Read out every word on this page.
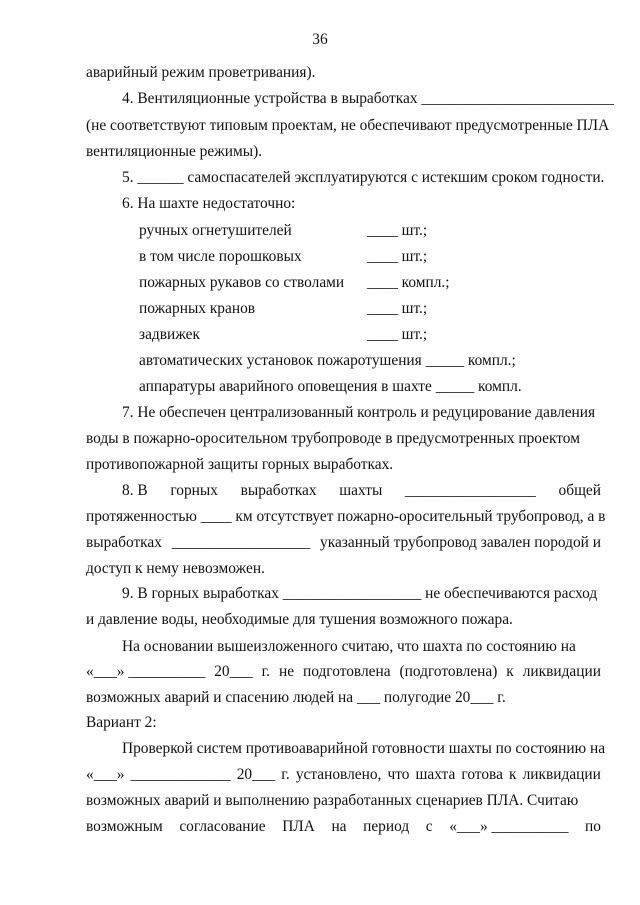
36
аварийный режим проветривания).
4. Вентиляционные устройства в выработках _________________________
(не соответствуют типовым проектам, не обеспечивают предусмотренные ПЛА
вентиляционные режимы).
5. ______ самоспасателей эксплуатируются с истекшим сроком годности.
6. На шахте недостаточно:
ручных огнетушителей	____ шт.;
в том числе порошковых	____ шт.;
пожарных рукавов со стволами ____ компл.;
пожарных кранов	____ шт.;
задвижек	____ шт.;
автоматических установок пожаротушения _____ компл.;
аппаратуры аварийного оповещения в шахте _____ компл.
7. Не обеспечен централизованный контроль и редуцирование давления
воды в пожарно-оросительном трубопроводе в предусмотренных проектом
противопожарной защиты горных выработках.
8. В горных выработках шахты _________________ общей
протяженностью ____ км отсутствует пожарно-оросительный трубопровод, а в
выработках __________________ указанный трубопровод завален породой и
доступ к нему невозможен.
9. В горных выработках __________________ не обеспечиваются расход
и давление воды, необходимые для тушения возможного пожара.
На основании вышеизложенного считаю, что шахта по состоянию на
«___» __________ 20___ г. не подготовлена (подготовлена) к ликвидации
возможных аварий и спасению людей на ___ полугодие 20___ г.
Вариант 2:
Проверкой систем противоаварийной готовности шахты по состоянию на
«___» _____________ 20___ г. установлено, что шахта готова к ликвидации
возможных аварий и выполнению разработанных сценариев ПЛА. Считаю
возможным согласование ПЛА на период с «___» __________ по
